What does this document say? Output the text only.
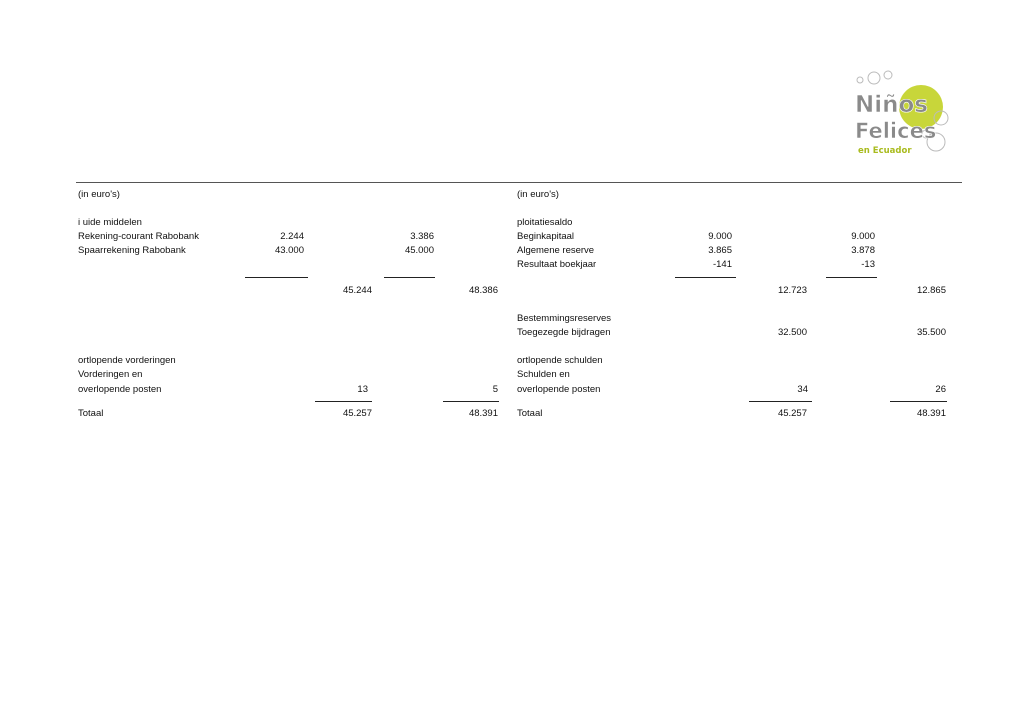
Niños
Felices
en Ecuador
(in euro's)
i uide middelen
Rekening-courant Rabobank	2.244	3.386
Spaarrekening Rabobank	43.000	45.000
45.244	48.386
ortlopende vorderingen
Vorderingen en
overlopende posten	13	5
Totaal	45.257	48.391
(in euro's)
ploitatiesaldo
Beginkapitaal	9.000	9.000
Algemene reserve	3.865	3.878
Resultaat boekjaar	-141	-13
12.723	12.865
Bestemmingsreserves
Toegezegde bijdragen	32.500	35.500
ortlopende schulden
Schulden en
overlopende posten	34	26
Totaal	45.257	48.391
